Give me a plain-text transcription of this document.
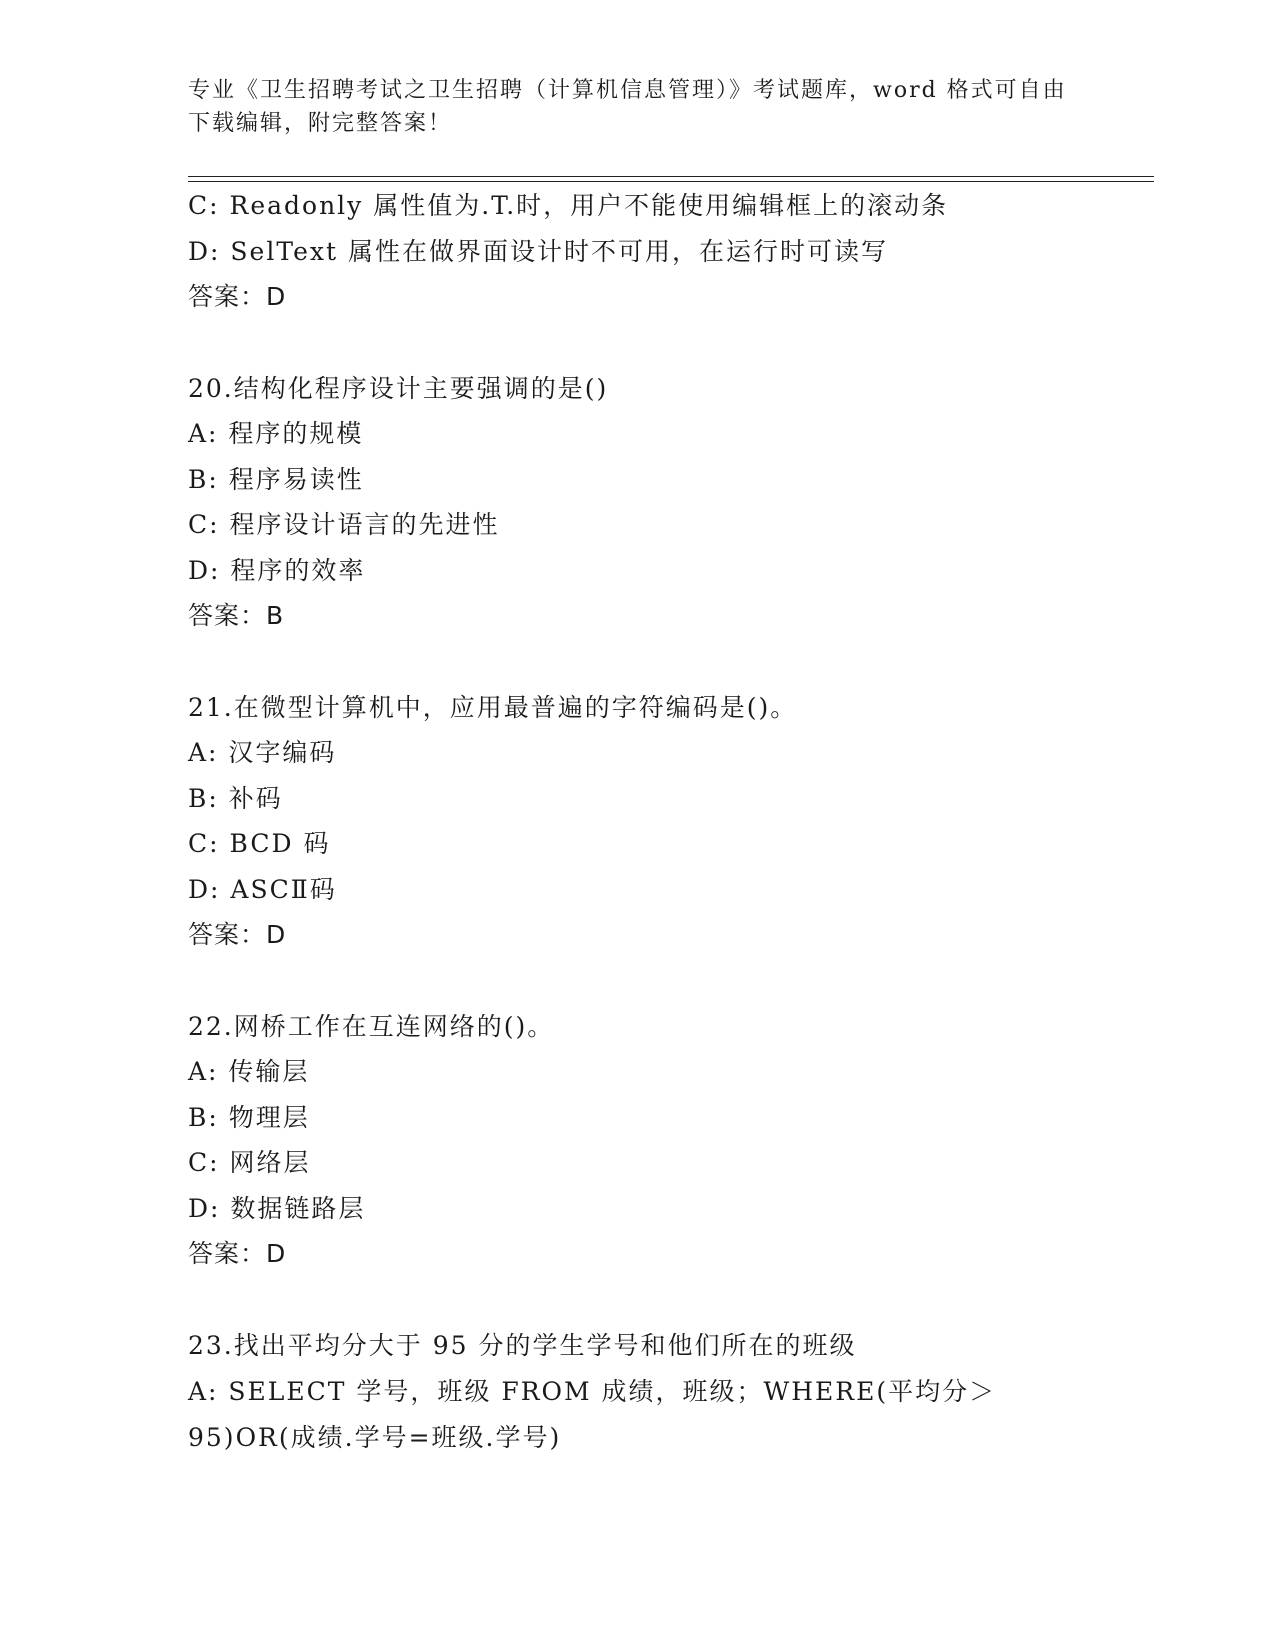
专业《卫生招聘考试之卫生招聘（计算机信息管理）》考试题库，word 格式可自由下载编辑，附完整答案！
C: Readonly 属性值为.T.时，用户不能使用编辑框上的滚动条
D: SelText 属性在做界面设计时不可用，在运行时可读写
答案：D
20.结构化程序设计主要强调的是()
A: 程序的规模
B: 程序易读性
C: 程序设计语言的先进性
D: 程序的效率
答案：B
21.在微型计算机中，应用最普遍的字符编码是()。
A: 汉字编码
B: 补码
C: BCD 码
D: ASCⅡ码
答案：D
22.网桥工作在互连网络的()。
A: 传输层
B: 物理层
C: 网络层
D: 数据链路层
答案：D
23.找出平均分大于 95 分的学生学号和他们所在的班级
A: SELECT 学号，班级 FROM 成绩，班级；WHERE(平均分＞95)OR(成绩.学号=班级.学号)
